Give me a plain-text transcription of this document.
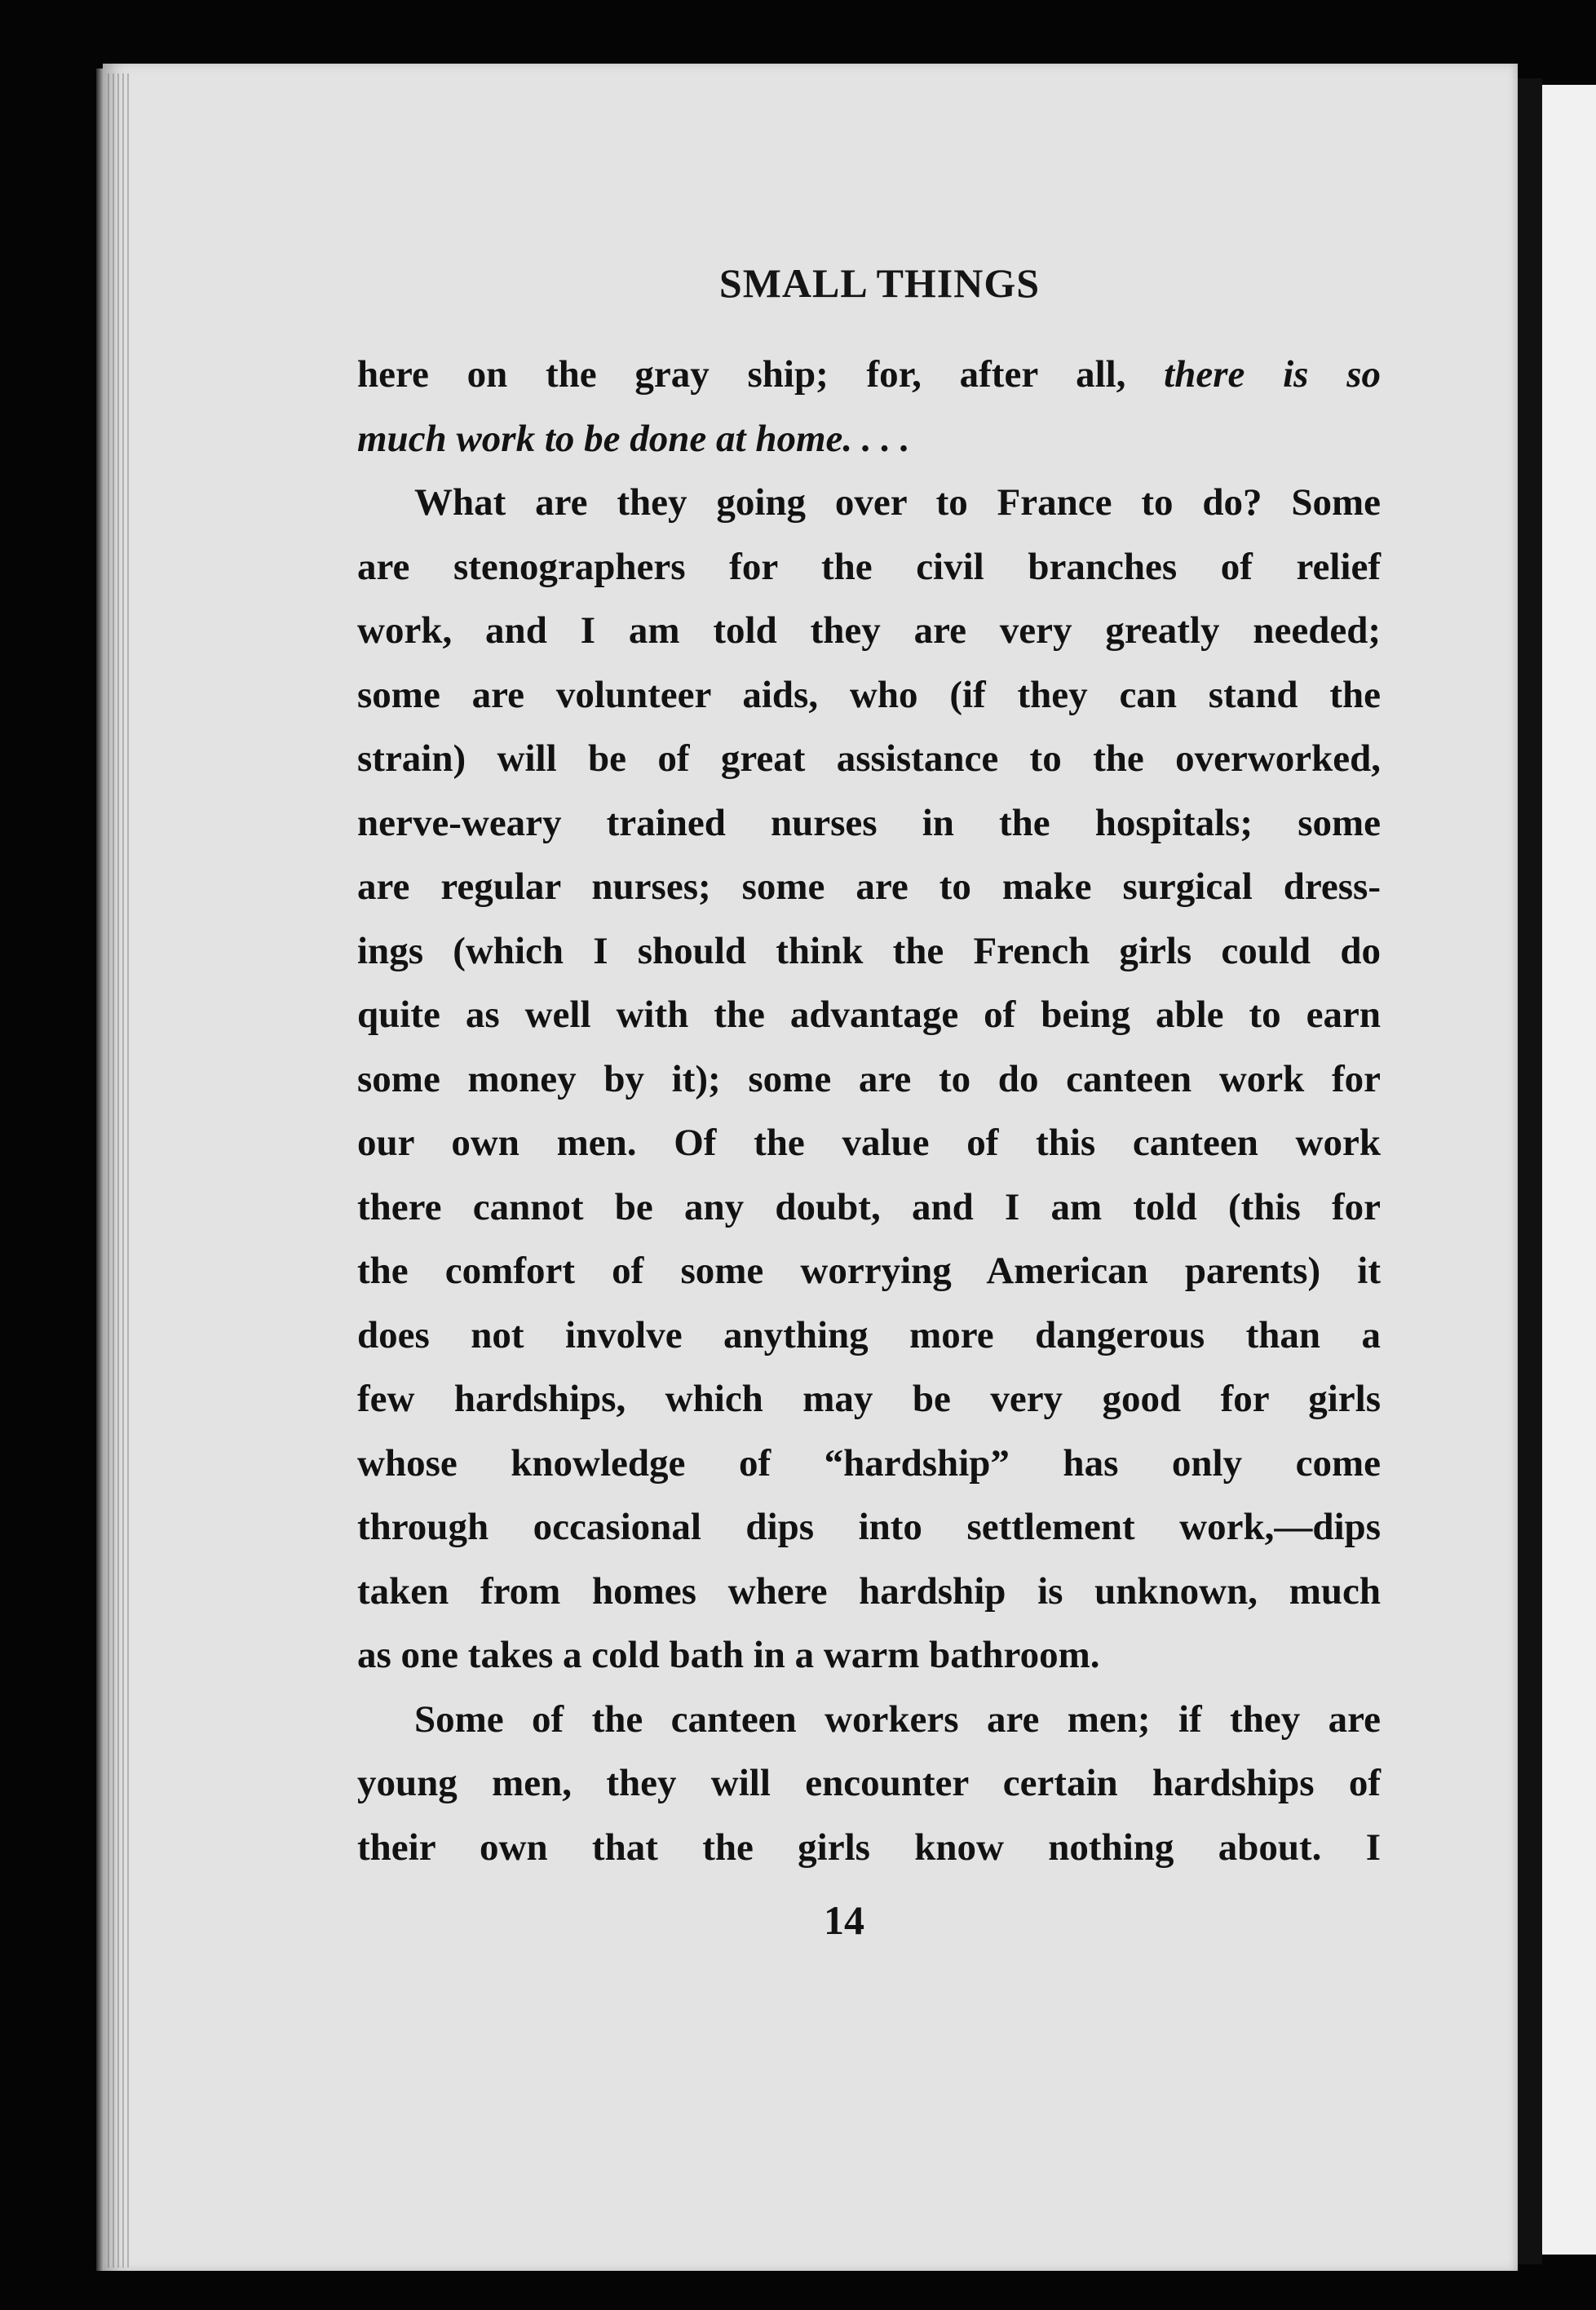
SMALL THINGS
here on the gray ship; for, after all, there is so
much work to be done at home. . . .
What are they going over to France to do? Some
are stenographers for the civil branches of relief
work, and I am told they are very greatly needed;
some are volunteer aids, who (if they can stand the
strain) will be of great assistance to the overworked,
nerve-weary trained nurses in the hospitals; some
are regular nurses; some are to make surgical dress-
ings (which I should think the French girls could do
quite as well with the advantage of being able to earn
some money by it); some are to do canteen work for
our own men. Of the value of this canteen work
there cannot be any doubt, and I am told (this for
the comfort of some worrying American parents) it
does not involve anything more dangerous than a
few hardships, which may be very good for girls
whose knowledge of “hardship” has only come
through occasional dips into settlement work,—dips
taken from homes where hardship is unknown, much
as one takes a cold bath in a warm bathroom.
Some of the canteen workers are men; if they are
young men, they will encounter certain hardships of
their own that the girls know nothing about. I
14
